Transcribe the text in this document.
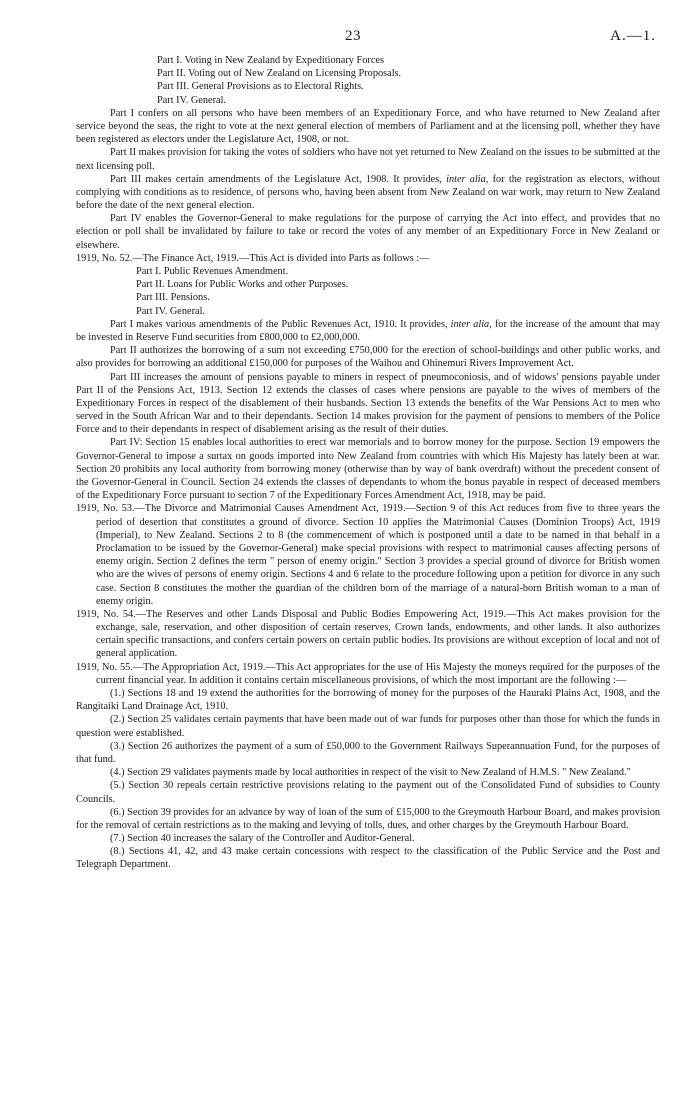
23	A.—1.
Part I. Voting in New Zealand by Expeditionary Forces
Part II. Voting out of New Zealand on Licensing Proposals.
Part III. General Provisions as to Electoral Rights.
Part IV. General.

Part I confers on all persons who have been members of an Expeditionary Force, and who have returned to New Zealand after service beyond the seas, the right to vote at the next general election of members of Parliament and at the licensing poll, whether they have been registered as electors under the Legislature Act, 1908, or not.

Part II makes provision for taking the votes of soldiers who have not yet returned to New Zealand on the issues to be submitted at the next licensing poll.

Part III makes certain amendments of the Legislature Act, 1908. It provides, inter alia, for the registration as electors, without complying with conditions as to residence, of persons who, having been absent from New Zealand on war work, may return to New Zealand before the date of the next general election.

Part IV enables the Governor-General to make regulations for the purpose of carrying the Act into effect, and provides that no election or poll shall be invalidated by failure to take or record the votes of any member of an Expeditionary Force in New Zealand or elsewhere.

1919, No. 52.—The Finance Act, 1919.—This Act is divided into Parts as follows :—

Part I. Public Revenues Amendment.
Part II. Loans for Public Works and other Purposes.
Part III. Pensions.
Part IV. General.

Part I makes various amendments of the Public Revenues Act, 1910. It provides, inter alia, for the increase of the amount that may be invested in Reserve Fund securities from £800,000 to £2,000,000.

Part II authorizes the borrowing of a sum not exceeding £750,000 for the erection of school-buildings and other public works, and also provides for borrowing an additional £150,000 for purposes of the Waihou and Ohinemuri Rivers Improvement Act.

Part III increases the amount of pensions payable to miners in respect of pneumoconiosis, and of widows' pensions payable under Part II of the Pensions Act, 1913. Section 12 extends the classes of cases where pensions are payable to the wives of members of the Expeditionary Forces in respect of the disablement of their husbands. Section 13 extends the benefits of the War Pensions Act to men who served in the South African War and to their dependants. Section 14 makes provision for the payment of pensions to members of the Police Force and to their dependants in respect of disablement arising as the result of their duties.

Part IV: Section 15 enables local authorities to erect war memorials and to borrow money for the purpose. Section 19 empowers the Governor-General to impose a surtax on goods imported into New Zealand from countries with which His Majesty has lately been at war. Section 20 prohibits any local authority from borrowing money (otherwise than by way of bank overdraft) without the precedent consent of the Governor-General in Council. Section 24 extends the classes of dependants to whom the bonus payable in respect of deceased members of the Expeditionary Force pursuant to section 7 of the Expeditionary Forces Amendment Act, 1918, may be paid.

1919, No. 53.—The Divorce and Matrimonial Causes Amendment Act, 1919.—Section 9 of this Act reduces from five to three years the period of desertion that constitutes a ground of divorce. Section 10 applies the Matrimonial Causes (Dominion Troops) Act, 1919 (Imperial), to New Zealand. Sections 2 to 8 (the commencement of which is postponed until a date to be named in that behalf in a Proclamation to be issued by the Governor-General) make special provisions with respect to matrimonial causes affecting persons of enemy origin. Section 2 defines the term " person of enemy origin." Section 3 provides a special ground of divorce for British women who are the wives of persons of enemy origin. Sections 4 and 6 relate to the procedure following upon a petition for divorce in any such case. Section 8 constitutes the mother the guardian of the children born of the marriage of a natural-born British woman to a man of enemy origin.

1919, No. 54.—The Reserves and other Lands Disposal and Public Bodies Empowering Act, 1919.—This Act makes provision for the exchange, sale, reservation, and other disposition of certain reserves, Crown lands, endowments, and other lands. It also authorizes certain specific transactions, and confers certain powers on certain public bodies. Its provisions are without exception of local and not of general application.

1919, No. 55.—The Appropriation Act, 1919.—This Act appropriates for the use of His Majesty the moneys required for the purposes of the current financial year. In addition it contains certain miscellaneous provisions, of which the most important are the following :—

(1.) Sections 18 and 19 extend the authorities for the borrowing of money for the purposes of the Hauraki Plains Act, 1908, and the Rangitaiki Land Drainage Act, 1910.

(2.) Section 25 validates certain payments that have been made out of war funds for purposes other than those for which the funds in question were established.

(3.) Section 26 authorizes the payment of a sum of £50,000 to the Government Railways Superannuation Fund, for the purposes of that fund.

(4.) Section 29 validates payments made by local authorities in respect of the visit to New Zealand of H.M.S. " New Zealand."

(5.) Section 30 repeals certain restrictive provisions relating to the payment out of the Consolidated Fund of subsidies to County Councils.

(6.) Section 39 provides for an advance by way of loan of the sum of £15,000 to the Greymouth Harbour Board, and makes provision for the removal of certain restrictions as to the making and levying of tolls, dues, and other charges by the Greymouth Harbour Board.

(7.) Section 40 increases the salary of the Controller and Auditor-General.

(8.) Sections 41, 42, and 43 make certain concessions with respect to the classification of the Public Service and the Post and Telegraph Department.
